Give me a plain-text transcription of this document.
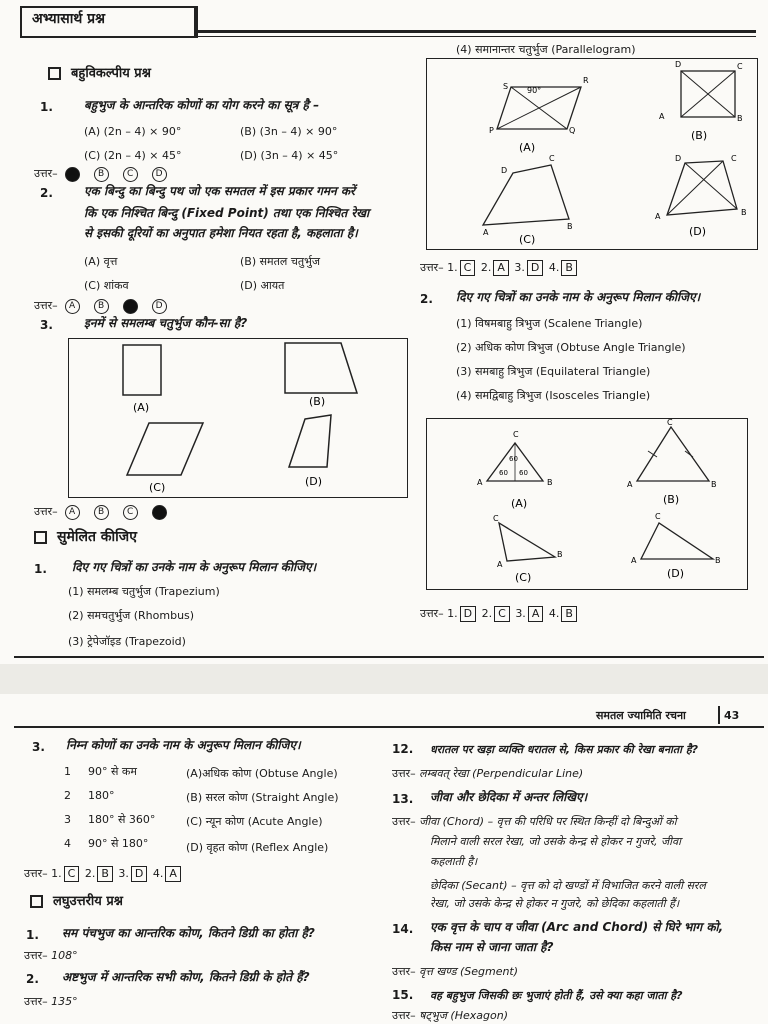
अभ्यासार्थ प्रश्न
बहुविकल्पीय प्रश्न
1.	बहुभुज के आन्तरिक कोणों का योग करने का सूत्र है –
(A) (2n – 4) × 90°	(B) (3n – 4) × 90°
(C) (2n – 4) × 45°	(D) (3n – 4) × 45°
उत्तर– A	B	C D
2.	एक बिन्दु का बिन्दु पथ जो एक समतल में इस प्रकार गमन करें
कि एक निश्चित बिन्दु (Fixed Point) तथा एक निश्चित रेखा
से इसकी दूरियों का अनुपात हमेशा नियत रहता है, कहलाता है।
(A) वृत्त	(B) समतल चतुर्भुज
(C) शांकव	(D) आयत
उत्तर– A	B	C D
3.	इनमें से समलम्ब चतुर्भुज कौन-सा है?
(A)	(B)
(C)	(D)
उत्तर– A	B	C D
सुमेलित कीजिए
1. दिए गए चित्रों का उनके नाम के अनुरूप मिलान कीजिए।
(1) समलम्ब चतुर्भुज (Trapezium)
(2) समचतुर्भुज (Rhombus)
(3) ट्रेपेजॉइड (Trapezoid)
(4) समानान्तर चतुर्भुज (Parallelogram)
S
R
P	Q
90°
(A)
D	C
A	B
(B)
D
C
A
B
(C)
D	C
A	B
(D)
उत्तर– 1. C 2. A 3. D 4. B
2. दिए गए चित्रों का उनके नाम के अनुरूप मिलान कीजिए।
(1) विषमबाहु त्रिभुज (Scalene Triangle)
(2) अधिक कोण त्रिभुज (Obtuse Angle Triangle)
(3) समबाहु त्रिभुज (Equilateral Triangle)
(4) समद्विबाहु त्रिभुज (Isosceles Triangle)
C
A	B
60
60 60
(A)
C
A	B
(B)
C
A
B
(C)
C
A	B
(D)
उत्तर– 1. D 2. C 3. A 4. B
समतल ज्यामिति रचना	43
3. निम्न कोणों का उनके नाम के अनुरूप मिलान कीजिए।
1 90° से कम	(A)अधिक कोण (Obtuse Angle)
2 180°	(B) सरल कोण (Straight Angle)
3 180° से 360°	(C) न्यून कोण (Acute Angle)
4 90° से 180°	(D) वृहत कोण (Reflex Angle)
उत्तर– 1. C 2. B 3. D 4. A
लघुउत्तरीय प्रश्न
1. सम पंचभुज का आन्तरिक कोण, कितने डिग्री का होता है?
उत्तर– 108°
2. अष्टभुज में आन्तरिक सभी कोण, कितने डिग्री के होते हैं?
उत्तर– 135°
12. धरातल पर खड़ा व्यक्ति धरातल से, किस प्रकार की रेखा बनाता है?
उत्तर– लम्बवत् रेखा (Perpendicular Line)
13. जीवा और छेदिका में अन्तर लिखिए।
उत्तर– जीवा (Chord) – वृत्त की परिधि पर स्थित किन्हीं दो बिन्दुओं को
मिलाने वाली सरल रेखा, जो उसके केन्द्र से होकर न गुजरे, जीवा
कहलाती है।
छेदिका (Secant) – वृत्त को दो खण्डों में विभाजित करने वाली सरल
रेखा, जो उसके केन्द्र से होकर न गुजरे, को छेदिका कहलाती हैं।
14. एक वृत्त के चाप व जीवा (Arc and Chord) से घिरे भाग को,
किस नाम से जाना जाता है?
उत्तर– वृत्त खण्ड (Segment)
15. वह बहुभुज जिसकी छः भुजाएं होती हैं, उसे क्या कहा जाता है?
उत्तर– षट्भुज (Hexagon)
